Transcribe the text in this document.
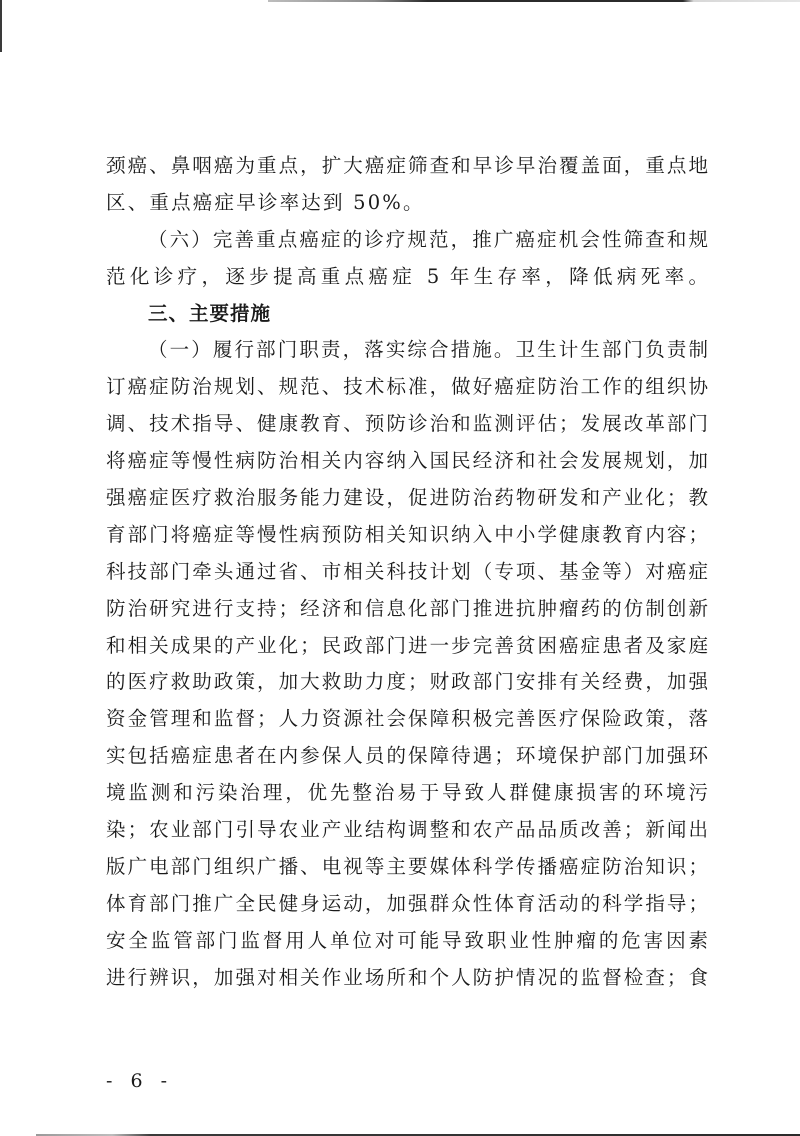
颈癌、鼻咽癌为重点，扩大癌症筛查和早诊早治覆盖面，重点地
区、重点癌症早诊率达到 50%。
（六）完善重点癌症的诊疗规范，推广癌症机会性筛查和规
范化诊疗，逐步提高重点癌症 5 年生存率，降低病死率。
三、主要措施
（一）履行部门职责，落实综合措施。卫生计生部门负责制
订癌症防治规划、规范、技术标准，做好癌症防治工作的组织协
调、技术指导、健康教育、预防诊治和监测评估；发展改革部门
将癌症等慢性病防治相关内容纳入国民经济和社会发展规划，加
强癌症医疗救治服务能力建设，促进防治药物研发和产业化；教
育部门将癌症等慢性病预防相关知识纳入中小学健康教育内容；
科技部门牵头通过省、市相关科技计划（专项、基金等）对癌症
防治研究进行支持；经济和信息化部门推进抗肿瘤药的仿制创新
和相关成果的产业化；民政部门进一步完善贫困癌症患者及家庭
的医疗救助政策，加大救助力度；财政部门安排有关经费，加强
资金管理和监督；人力资源社会保障积极完善医疗保险政策，落
实包括癌症患者在内参保人员的保障待遇；环境保护部门加强环
境监测和污染治理，优先整治易于导致人群健康损害的环境污
染；农业部门引导农业产业结构调整和农产品品质改善；新闻出
版广电部门组织广播、电视等主要媒体科学传播癌症防治知识；
体育部门推广全民健身运动，加强群众性体育活动的科学指导；
安全监管部门监督用人单位对可能导致职业性肿瘤的危害因素
进行辨识，加强对相关作业场所和个人防护情况的监督检查；食
- 6 -
